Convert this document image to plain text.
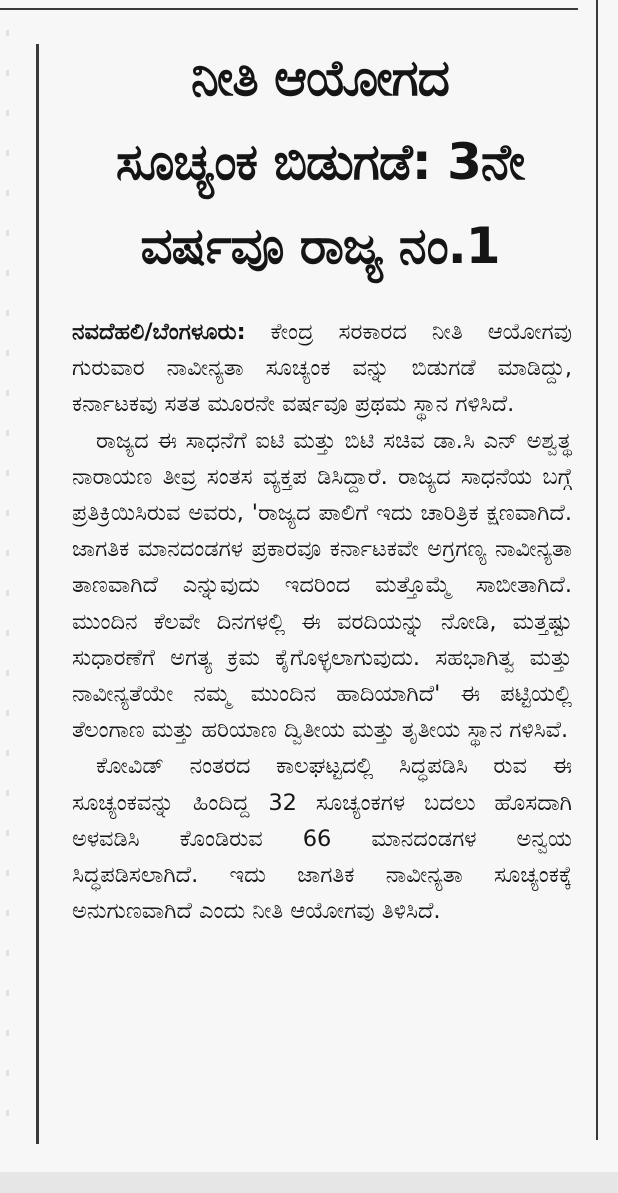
ನೀತಿ ಆಯೋಗದ
ಸೂಚ್ಯಂಕ ಬಿಡುಗಡೆ: 3ನೇ
ವರ್ಷವೂ ರಾಜ್ಯ ನಂ.1

ನವದೆಹಲಿ/ಬೆಂಗಳೂರು: ಕೇಂದ್ರ ಸರಕಾರದ ನೀತಿ ಆಯೋಗವು ಗುರುವಾರ ನಾವೀನ್ಯತಾ ಸೂಚ್ಯಂಕ ವನ್ನು ಬಿಡುಗಡೆ ಮಾಡಿದ್ದು, ಕರ್ನಾಟಕವು ಸತತ ಮೂರನೇ ವರ್ಷವೂ ಪ್ರಥಮ ಸ್ಥಾನ ಗಳಿಸಿದೆ.

ರಾಜ್ಯದ ಈ ಸಾಧನೆಗೆ ಐಟಿ ಮತ್ತು ಬಿಟಿ ಸಚಿವ ಡಾ.ಸಿ ಎನ್ ಅಶ್ವತ್ಥ ನಾರಾಯಣ ತೀವ್ರ ಸಂತಸ ವ್ಯಕ್ತಪ ಡಿಸಿದ್ದಾರೆ. ರಾಜ್ಯದ ಸಾಧನೆಯ ಬಗ್ಗೆ ಪ್ರತಿಕ್ರಿಯಿಸಿರುವ ಅವರು, 'ರಾಜ್ಯದ ಪಾಲಿಗೆ ಇದು ಚಾರಿತ್ರಿಕ ಕ್ಷಣವಾಗಿದೆ. ಜಾಗತಿಕ ಮಾನದಂಡಗಳ ಪ್ರಕಾರವೂ ಕರ್ನಾಟಕವೇ ಅಗ್ರಗಣ್ಯ ನಾವೀನ್ಯತಾ ತಾಣವಾಗಿದೆ ಎನ್ನುವುದು ಇದರಿಂದ ಮತ್ತೊಮ್ಮೆ ಸಾಬೀತಾಗಿದೆ. ಮುಂದಿನ ಕೆಲವೇ ದಿನಗಳಲ್ಲಿ ಈ ವರದಿಯನ್ನು ನೋಡಿ, ಮತ್ತಷ್ಟು ಸುಧಾರಣೆಗೆ ಅಗತ್ಯ ಕ್ರಮ ಕೈಗೊಳ್ಳಲಾಗುವುದು. ಸಹಭಾಗಿತ್ವ ಮತ್ತು ನಾವೀನ್ಯತೆಯೇ ನಮ್ಮ ಮುಂದಿನ ಹಾದಿಯಾಗಿದೆ' ಈ ಪಟ್ಟಿಯಲ್ಲಿ ತೆಲಂಗಾಣ ಮತ್ತು ಹರಿಯಾಣ ದ್ವಿತೀಯ ಮತ್ತು ತೃತೀಯ ಸ್ಥಾನ ಗಳಿಸಿವೆ.

ಕೋವಿಡ್ ನಂತರದ ಕಾಲಘಟ್ಟದಲ್ಲಿ ಸಿದ್ಧಪಡಿಸಿ ರುವ ಈ ಸೂಚ್ಯಂಕವನ್ನು ಹಿಂದಿದ್ದ 32 ಸೂಚ್ಯಂಕಗಳ ಬದಲು ಹೊಸದಾಗಿ ಅಳವಡಿಸಿ ಕೊಂಡಿರುವ 66 ಮಾನದಂಡಗಳ ಅನ್ವಯ ಸಿದ್ಧಪಡಿಸಲಾಗಿದೆ. ಇದು ಜಾಗತಿಕ ನಾವೀನ್ಯತಾ ಸೂಚ್ಯಂಕಕ್ಕೆ ಅನುಗುಣವಾಗಿದೆ ಎಂದು ನೀತಿ ಆಯೋಗವು ತಿಳಿಸಿದೆ.
